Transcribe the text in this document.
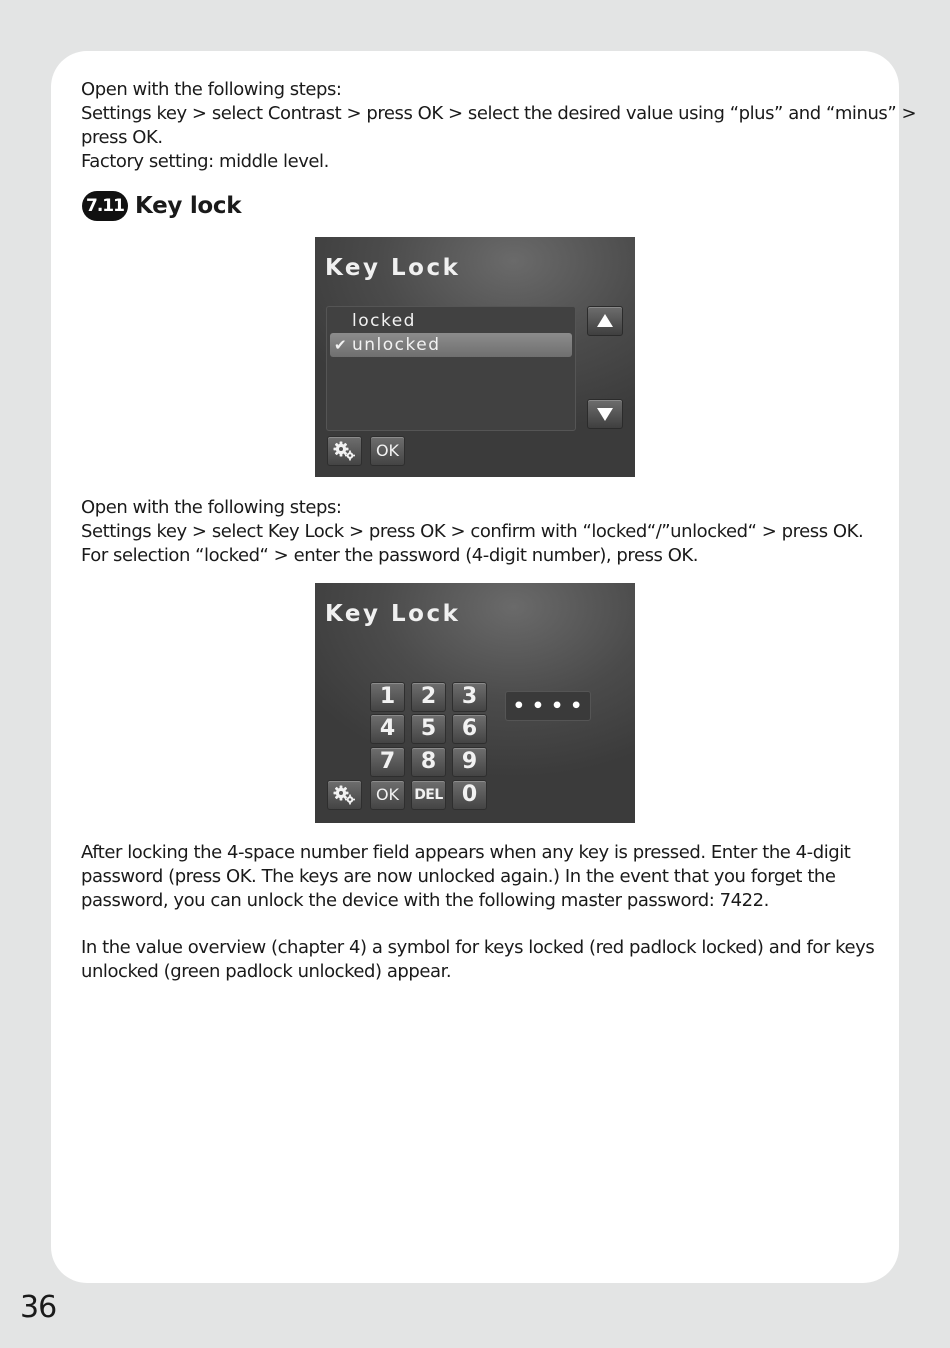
Open with the following steps:
Settings key > select Contrast > press OK > select the desired value using “plus” and “minus” >
press OK.
Factory setting: middle level.
7.11 Key lock
Key Lock
locked
✔ unlocked
OK
Open with the following steps:
Settings key > select Key Lock > press OK > confirm with “locked“/”unlocked“ > press OK.
For selection “locked“ > enter the password (4-digit number), press OK.
Key Lock
1	2	3
4	5	6
7	8	9
OK	DEL 0
••••
After locking the 4-space number field appears when any key is pressed. Enter the 4-digit
password (press OK. The keys are now unlocked again.) In the event that you forget the
password, you can unlock the device with the following master password: 7422.
In the value overview (chapter 4) a symbol for keys locked (red padlock locked) and for keys
unlocked (green padlock unlocked) appear.
36
